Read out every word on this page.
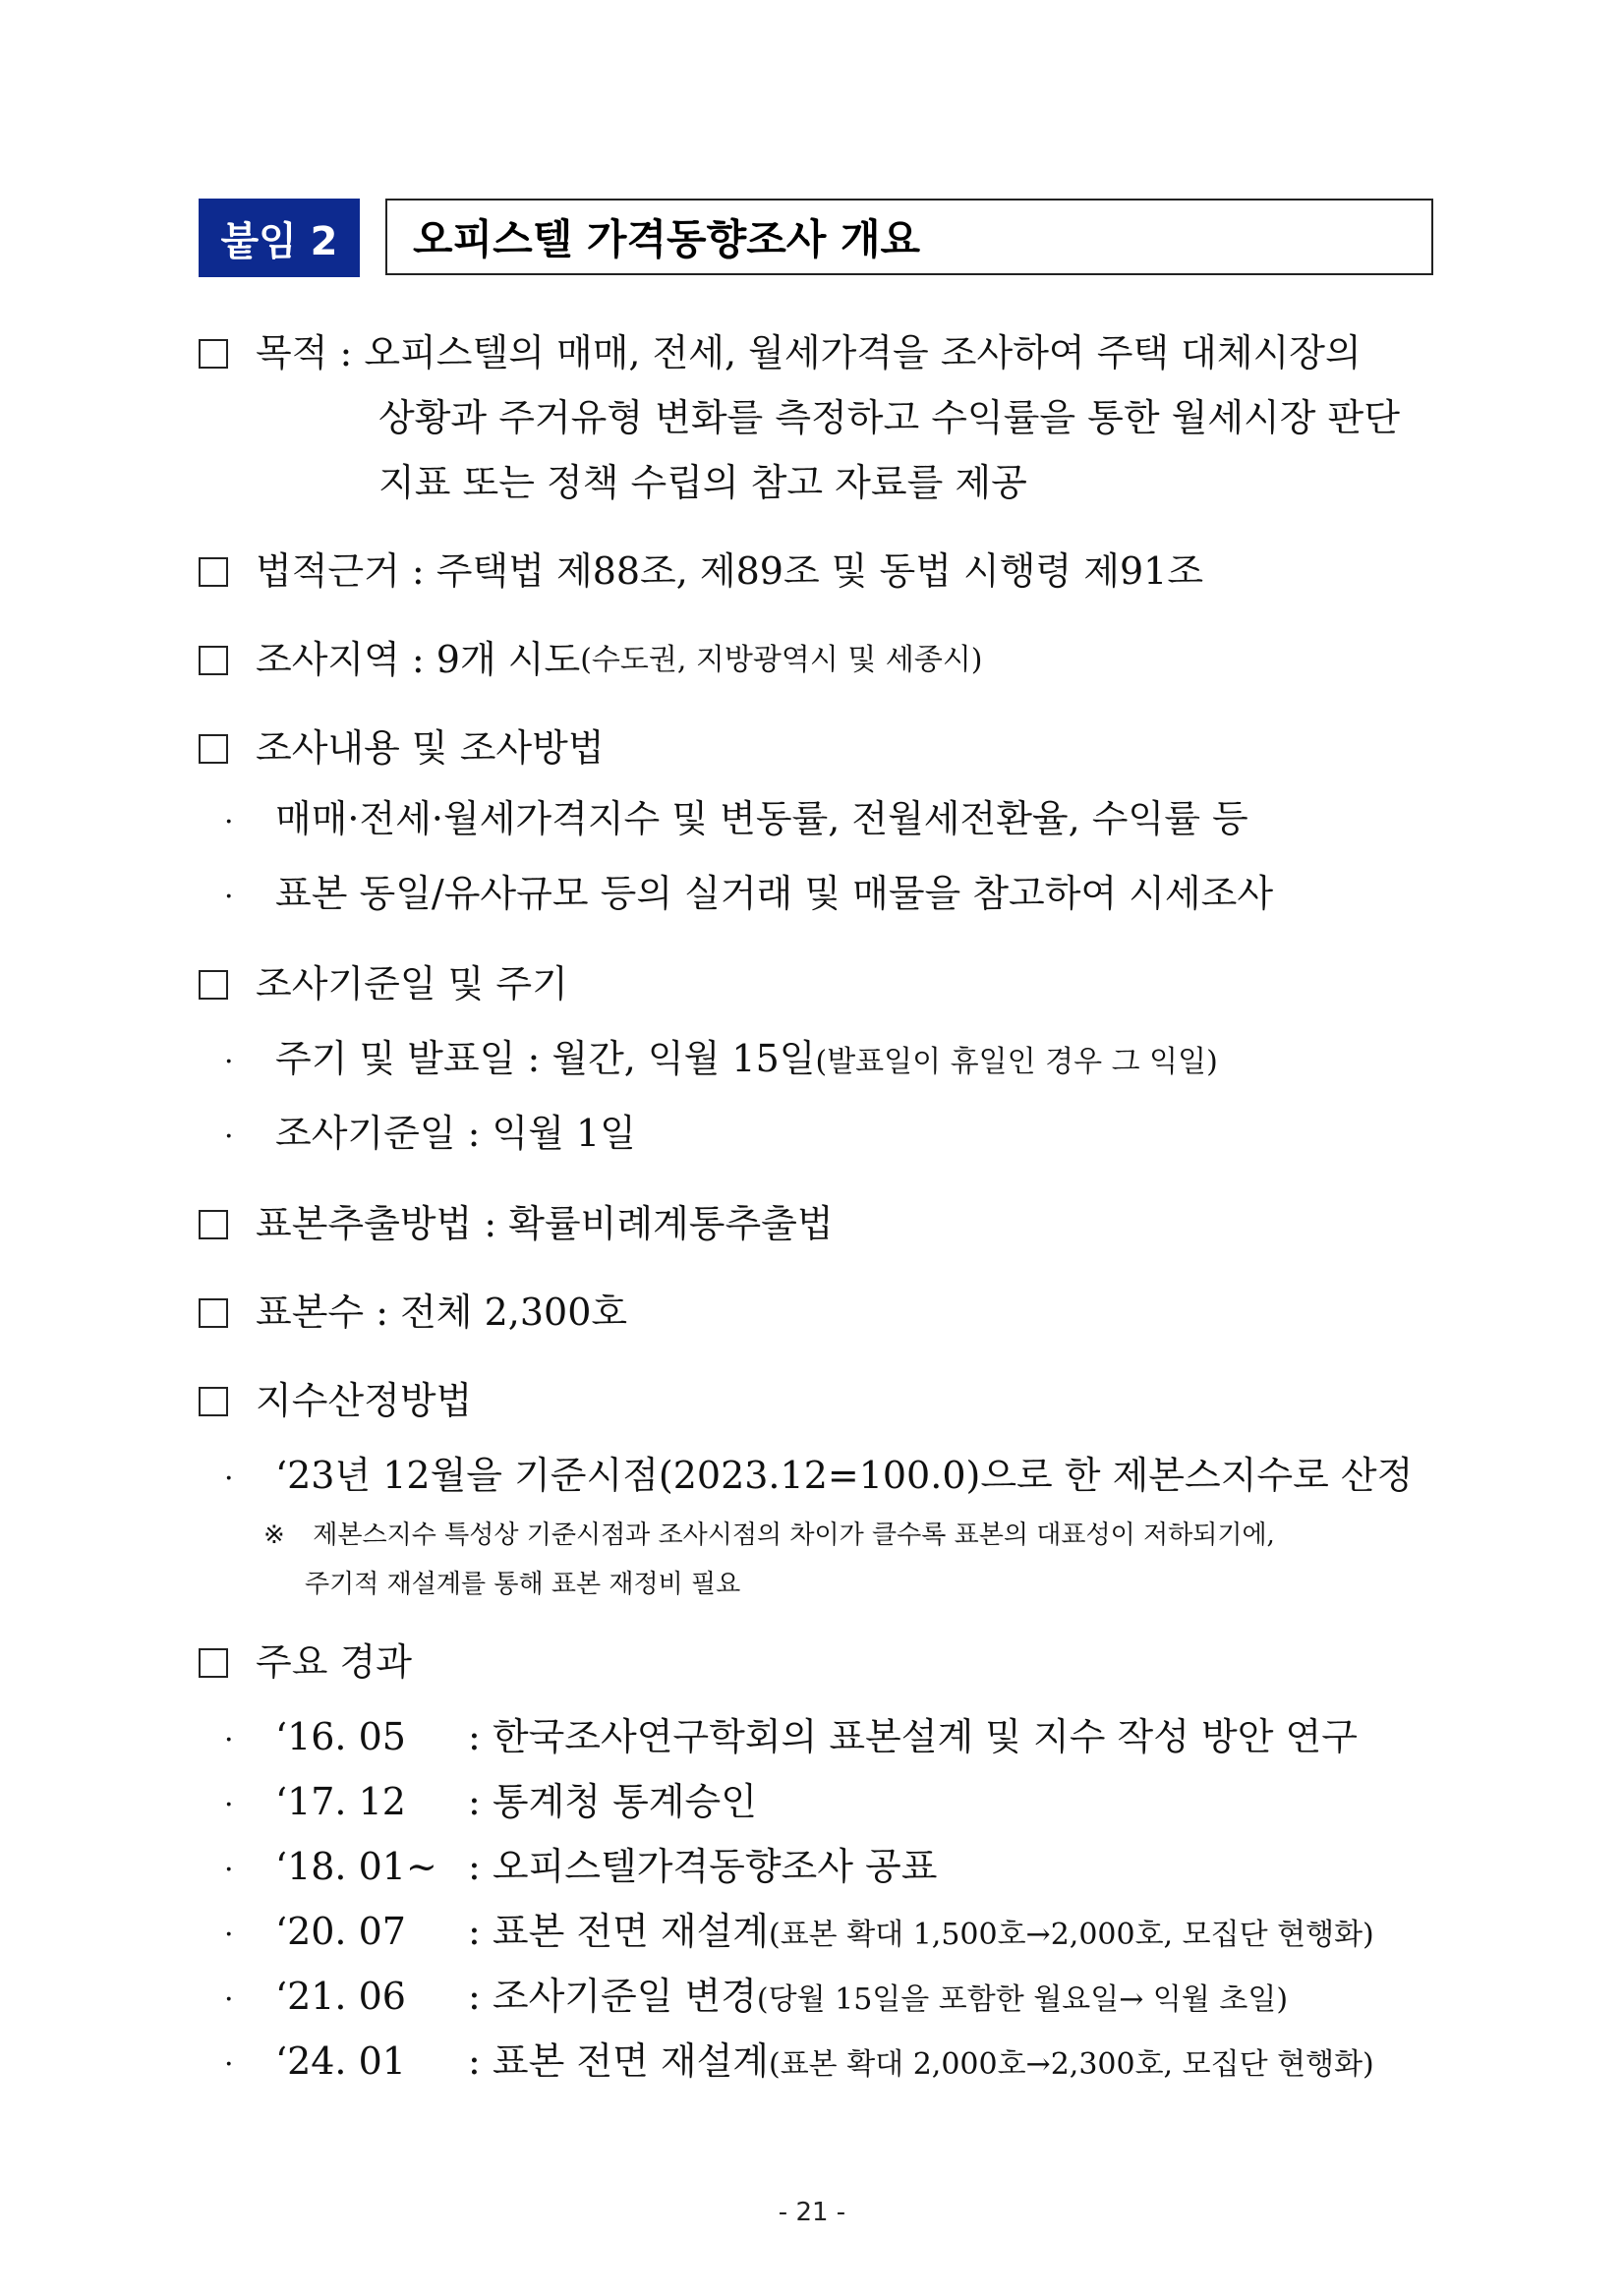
붙임 2	오피스텔 가격동향조사 개요
목적 : 오피스텔의 매매, 전세, 월세가격을 조사하여 주택 대체시장의
상황과 주거유형 변화를 측정하고 수익률을 통한 월세시장 판단
지표 또는 정책 수립의 참고 자료를 제공
법적근거 : 주택법 제88조, 제89조 및 동법 시행령 제91조
조사지역 : 9개 시도 (수도권, 지방광역시 및 세종시)
조사내용 및 조사방법
·	매매·전세·월세가격지수 및 변동률, 전월세전환율, 수익률 등
·	표본 동일/유사규모 등의 실거래 및 매물을 참고하여 시세조사
조사기준일 및 주기
·	주기 및 발표일 : 월간, 익월 15일 (발표일이 휴일인 경우 그 익일)
·	조사기준일 : 익월 1일
표본추출방법 : 확률비례계통추출법
표본수 : 전체 2,300호
지수산정방법
·	‘23년 12월을 기준시점(2023.12=100.0)으로 한 제본스지수로 산정
※ 제본스지수 특성상 기준시점과 조사시점의 차이가 클수록 표본의 대표성이 저하되기에,
주기적 재설계를 통해 표본 재정비 필요
주요 경과
·	‘16. 05	: 한국조사연구학회의 표본설계 및 지수 작성 방안 연구
·	‘17. 12	: 통계청 통계승인
·	‘18. 01~ : 오피스텔가격동향조사 공표
·	‘20. 07	: 표본 전면 재설계 (표본 확대 1,500호→2,000호, 모집단 현행화)
·	‘21. 06	: 조사기준일 변경 (당월 15일을 포함한 월요일→ 익월 초일)
·	‘24. 01	: 표본 전면 재설계 (표본 확대 2,000호→2,300호, 모집단 현행화)
- 21 -
